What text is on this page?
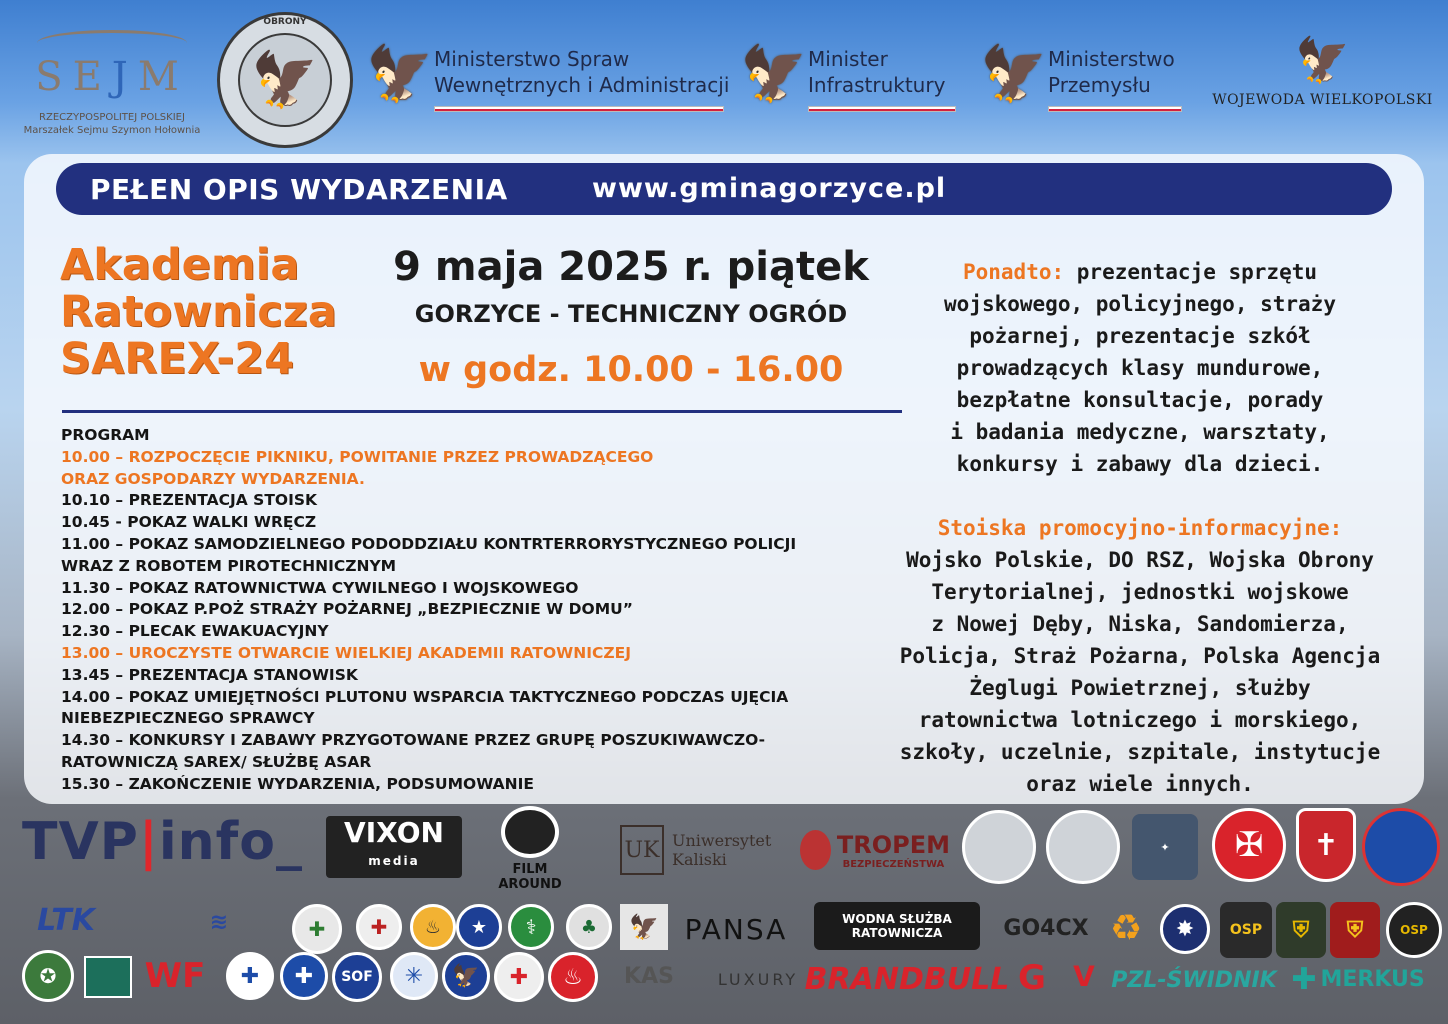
SEJM
RZECZYPOSPOLITEJ POLSKIEJ
Marszałek Sejmu Szymon Hołownia
OBRONY
🦅 🦅 Ministerstwo Spraw
Wewnętrznych i Administracji 🦅 Minister
Infrastruktury 🦅 Ministerstwo
Przemysłu	🦅
WOJEWODA WIELKOPOLSKI
PEŁEN OPIS WYDARZENIA	www.gminagorzyce.pl
Akademia
Ratownicza
SAREX-24
9 maja 2025 r. piątek
GORZYCE - TECHNICZNY OGRÓD
w godz. 10.00 - 16.00
PROGRAM
10.00 – ROZPOCZĘCIE PIKNIKU, POWITANIE PRZEZ PROWADZĄCEGO
ORAZ GOSPODARZY WYDARZENIA.
10.10 – PREZENTACJA STOISK
10.45 - POKAZ WALKI WRĘCZ
11.00 – POKAZ SAMODZIELNEGO PODODDZIAŁU KONTRTERRORYSTYCZNEGO POLICJI
WRAZ Z ROBOTEM PIROTECHNICZNYM
11.30 – POKAZ RATOWNICTWA CYWILNEGO I WOJSKOWEGO
12.00 – POKAZ P.POŻ STRAŻY POŻARNEJ „BEZPIECZNIE W DOMU”
12.30 – PLECAK EWAKUACYJNY
13.00 – UROCZYSTE OTWARCIE WIELKIEJ AKADEMII RATOWNICZEJ
13.45 – PREZENTACJA STANOWISK
14.00 – POKAZ UMIEJĘTNOŚCI PLUTONU WSPARCIA TAKTYCZNEGO PODCZAS UJĘCIA
NIEBEZPIECZNEGO SPRAWCY
14.30 – KONKURSY I ZABAWY PRZYGOTOWANE PRZEZ GRUPĘ POSZUKIWAWCZO-
RATOWNICZĄ SAREX/ SŁUŻBĘ ASAR
15.30 – ZAKOŃCZENIE WYDARZENIA, PODSUMOWANIE
Ponadto: prezentacje sprzętu
wojskowego, policyjnego, straży
pożarnej, prezentacje szkół
prowadzących klasy mundurowe,
bezpłatne konsultacje, porady
i badania medyczne, warsztaty,
konkursy i zabawy dla dzieci.
Stoiska promocyjno-informacyjne:
Wojsko Polskie, DO RSZ, Wojska Obrony
Terytorialnej, jednostki wojskowe
z Nowej Dęby, Niska, Sandomierza,
Policja, Straż Pożarna, Polska Agencja
Żeglugi Powietrznej, służby
ratownictwa lotniczego i morskiego,
szkoły, uczelnie, szpitale, instytucje
oraz wiele innych.
TVP | info_ VIXON
media
FILM AROUND
UK Uniwersytet
Kaliski
TROPEM
BEZPIECZEŃSTWA
✦	✠	✝
LTK	≋	✚	✚	♨	★	⚕	♣	🦅 PANSA	WODNA SŁUŻBA RATOWNICZA	GO4CX ♻	✸	OSP	⛨	⛨	OSP
✪	WF	✚	✚	SOF	✳	🦅	✚	♨	KAS	LUXURY BRANDBULL G ᐯ PZL-ŚWIDNIK ✚ MERKUS
